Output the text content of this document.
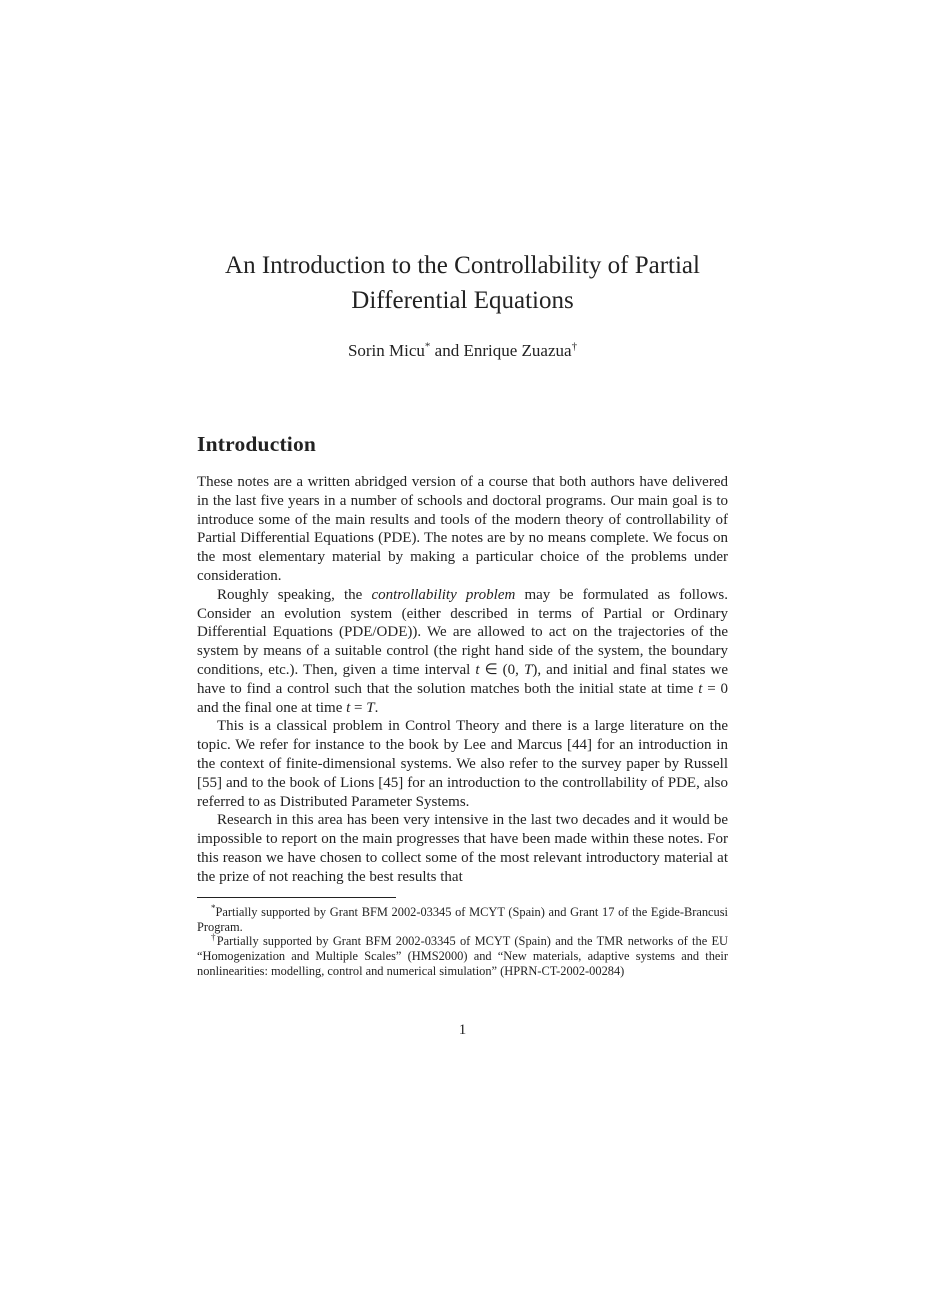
An Introduction to the Controllability of Partial
Differential Equations
Sorin Micu* and Enrique Zuazua†
Introduction

These notes are a written abridged version of a course that both authors have delivered in the last five years in a number of schools and doctoral programs. Our main goal is to introduce some of the main results and tools of the modern theory of controllability of Partial Differential Equations (PDE). The notes are by no means complete. We focus on the most elementary material by making a particular choice of the problems under consideration.

Roughly speaking, the controllability problem may be formulated as follows. Consider an evolution system (either described in terms of Partial or Ordinary Differential Equations (PDE/ODE)). We are allowed to act on the trajectories of the system by means of a suitable control (the right hand side of the system, the boundary conditions, etc.). Then, given a time interval t ∈ (0, T), and initial and final states we have to find a control such that the solution matches both the initial state at time t = 0 and the final one at time t = T.

This is a classical problem in Control Theory and there is a large literature on the topic. We refer for instance to the book by Lee and Marcus [44] for an introduction in the context of finite-dimensional systems. We also refer to the survey paper by Russell [55] and to the book of Lions [45] for an introduction to the controllability of PDE, also referred to as Distributed Parameter Systems.

Research in this area has been very intensive in the last two decades and it would be impossible to report on the main progresses that have been made within these notes. For this reason we have chosen to collect some of the most relevant introductory material at the prize of not reaching the best results that

*Partially supported by Grant BFM 2002-03345 of MCYT (Spain) and Grant 17 of the Egide-Brancusi Program.

†Partially supported by Grant BFM 2002-03345 of MCYT (Spain) and the TMR networks of the EU “Homogenization and Multiple Scales” (HMS2000) and “New materials, adaptive systems and their nonlinearities: modelling, control and numerical simulation” (HPRN-CT-2002-00284)

1
